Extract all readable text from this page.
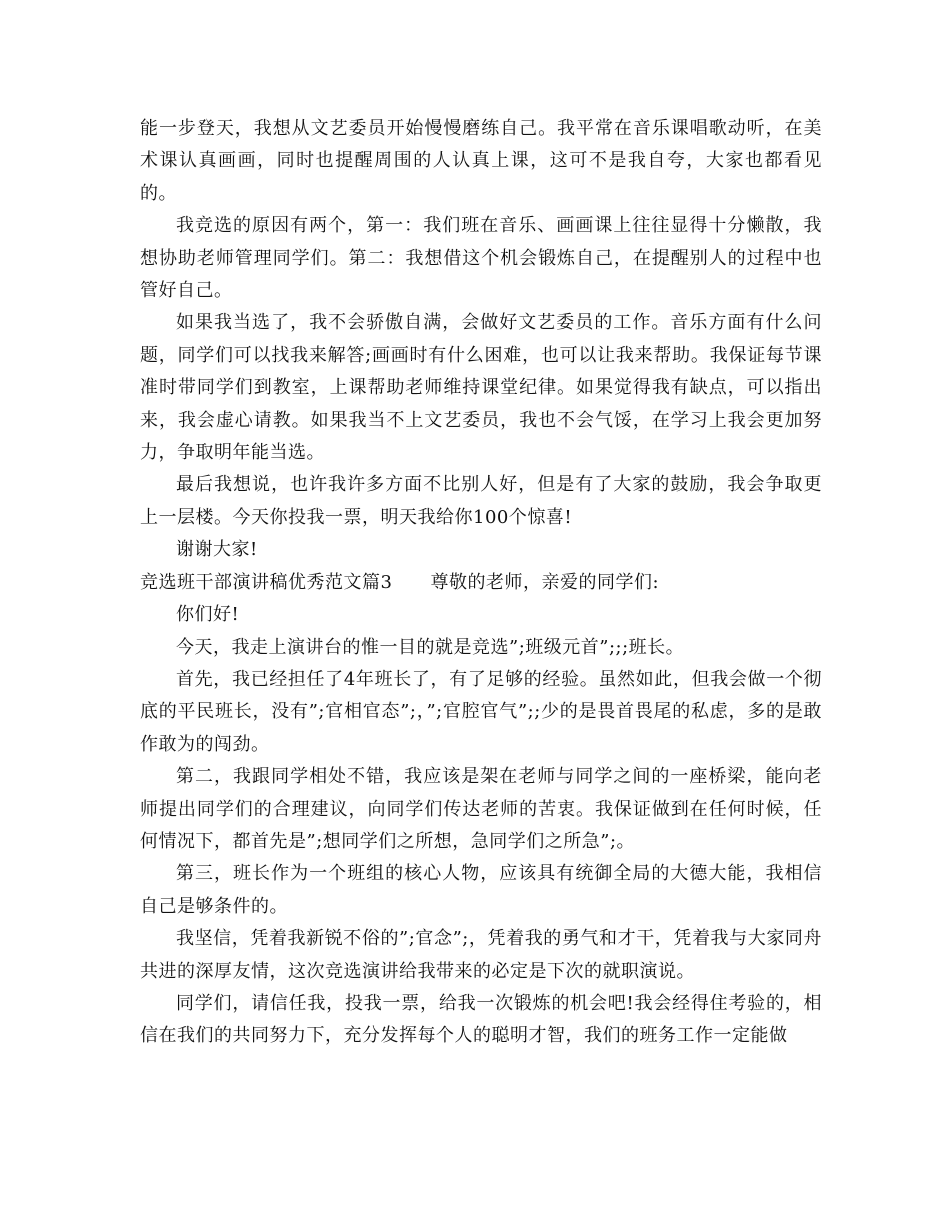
能一步登天，我想从文艺委员开始慢慢磨练自己。我平常在音乐课唱歌动听，在美术课认真画画，同时也提醒周围的人认真上课，这可不是我自夸，大家也都看见的。

我竞选的原因有两个，第一：我们班在音乐、画画课上往往显得十分懒散，我想协助老师管理同学们。第二：我想借这个机会锻炼自己，在提醒别人的过程中也管好自己。

如果我当选了，我不会骄傲自满，会做好文艺委员的工作。音乐方面有什么问题，同学们可以找我来解答;画画时有什么困难，也可以让我来帮助。我保证每节课准时带同学们到教室，上课帮助老师维持课堂纪律。如果觉得我有缺点，可以指出来，我会虚心请教。如果我当不上文艺委员，我也不会气馁，在学习上我会更加努力，争取明年能当选。

最后我想说，也许我许多方面不比别人好，但是有了大家的鼓励，我会争取更上一层楼。今天你投我一票，明天我给你100个惊喜!

谢谢大家!

竞选班干部演讲稿优秀范文篇3 尊敬的老师，亲爱的同学们:

你们好!

今天，我走上演讲台的惟一目的就是竞选”;班级元首”;;;班长。

首先，我已经担任了4年班长了，有了足够的经验。虽然如此，但我会做一个彻底的平民班长，没有”;官相官态”;，”;官腔官气”;;少的是畏首畏尾的私虑，多的是敢作敢为的闯劲。

第二，我跟同学相处不错，我应该是架在老师与同学之间的一座桥梁，能向老师提出同学们的合理建议，向同学们传达老师的苦衷。我保证做到在任何时候，任何情况下，都首先是”;想同学们之所想，急同学们之所急”;。

第三，班长作为一个班组的核心人物，应该具有统御全局的大德大能，我相信自己是够条件的。

我坚信，凭着我新锐不俗的”;官念”;，凭着我的勇气和才干，凭着我与大家同舟共进的深厚友情，这次竞选演讲给我带来的必定是下次的就职演说。

同学们，请信任我，投我一票，给我一次锻炼的机会吧!我会经得住考验的，相信在我们的共同努力下，充分发挥每个人的聪明才智，我们的班务工作一定能做
